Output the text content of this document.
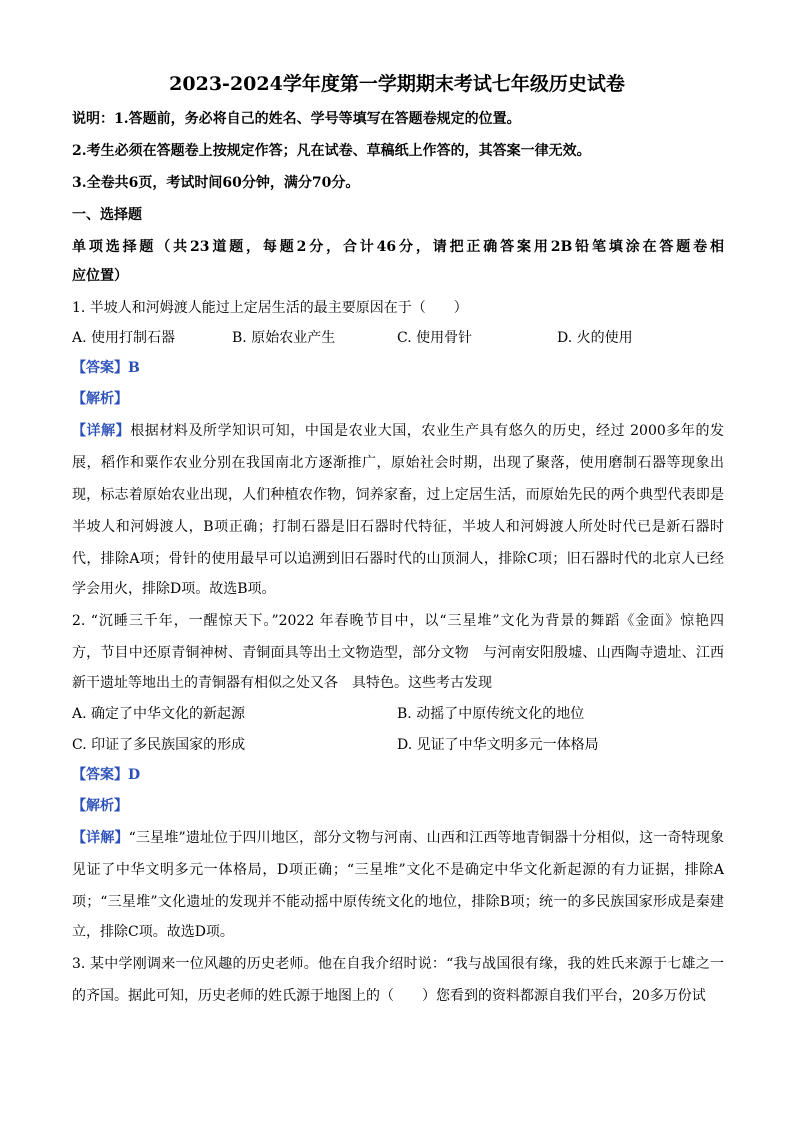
2023-2024学年度第一学期期末考试七年级历史试卷
说明：1.答题前，务必将自己的姓名、学号等填写在答题卷规定的位置。
2.考生必须在答题卷上按规定作答；凡在试卷、草稿纸上作答的，其答案一律无效。
3.全卷共6页，考试时间60分钟，满分70分。
一、选择题
单项选择题（共23道题，每题2分，合计46分，请把正确答案用2B铅笔填涂在答题卷相
应位置）
1. 半坡人和河姆渡人能过上定居生活的最主要原因在于（　　）
A. 使用打制石器	B. 原始农业产生	C. 使用骨针	D. 火的使用
【答案】B
【解析】
【详解】根据材料及所学知识可知，中国是农业大国，农业生产具有悠久的历史，经过 2000多年的发
展，稻作和粟作农业分别在我国南北方逐渐推广，原始社会时期，出现了聚落，使用磨制石器等现象出
现，标志着原始农业出现，人们种植农作物，饲养家畜，过上定居生活，而原始先民的两个典型代表即是
半坡人和河姆渡人，B项正确；打制石器是旧石器时代特征，半坡人和河姆渡人所处时代已是新石器时
代，排除A项；骨针的使用最早可以追溯到旧石器时代的山顶洞人，排除C项；旧石器时代的北京人已经
学会用火，排除D项。故选B项。
2. “沉睡三千年，一醒惊天下。”2022 年春晚节目中，以“三星堆”文化为背景的舞蹈《金面》惊艳四
方，节目中还原青铜神树、青铜面具等出土文物造型，部分文物　与河南安阳殷墟、山西陶寺遗址、江西
新干遗址等地出土的青铜器有相似之处又各　具特色。这些考古发现
A. 确定了中华文化的新起源	B. 动摇了中原传统文化的地位
C. 印证了多民族国家的形成	D. 见证了中华文明多元一体格局
【答案】D
【解析】
【详解】“三星堆”遗址位于四川地区，部分文物与河南、山西和江西等地青铜器十分相似，这一奇特现象
见证了中华文明多元一体格局，D项正确；“三星堆”文化不是确定中华文化新起源的有力证据，排除A
项；“三星堆”文化遗址的发现并不能动摇中原传统文化的地位，排除B项；统一的多民族国家形成是秦建
立，排除C项。故选D项。
3. 某中学刚调来一位风趣的历史老师。他在自我介绍时说：“我与战国很有缘，我的姓氏来源于七雄之一
的齐国。据此可知，历史老师的姓氏源于地图上的（　　）您看到的资料都源自我们平台，20多万份试
